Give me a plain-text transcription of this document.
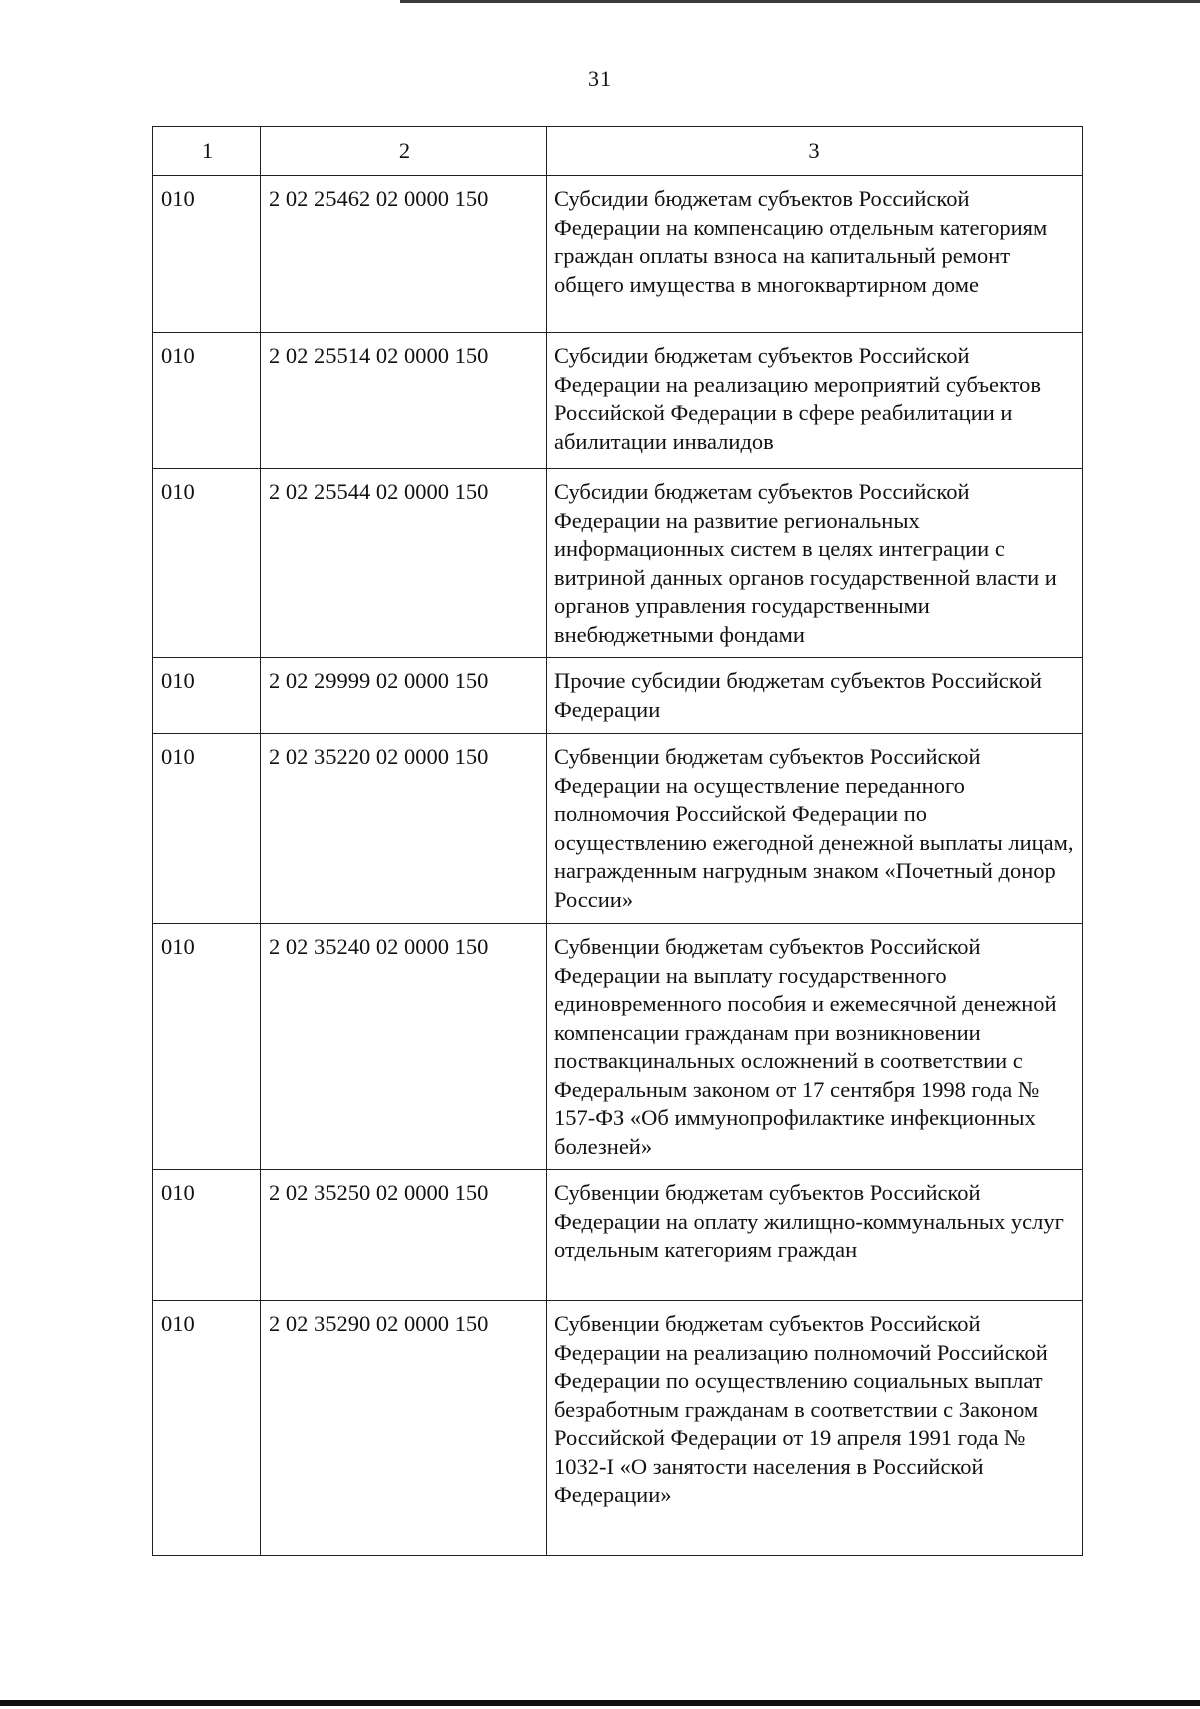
31
1	2	3
010	2 02 25462 02 0000 150	Субсидии бюджетам субъектов Российской Федерации на компенсацию отдельным категориям граждан оплаты взноса на капитальный ремонт общего имущества в многоквартирном доме
010	2 02 25514 02 0000 150	Субсидии бюджетам субъектов Российской Федерации на реализацию мероприятий субъектов Российской Федерации в сфере реабилитации и абилитации инвалидов
010	2 02 25544 02 0000 150	Субсидии бюджетам субъектов Российской Федерации на развитие региональных информационных систем в целях интеграции с витриной данных органов государственной власти и органов управления государственными внебюджетными фондами
010	2 02 29999 02 0000 150	Прочие субсидии бюджетам субъектов Российской Федерации
010	2 02 35220 02 0000 150	Субвенции бюджетам субъектов Российской Федерации на осуществление переданного полномочия Российской Федерации по осуществлению ежегодной денежной выплаты лицам, награжденным нагрудным знаком «Почетный донор России»
010	2 02 35240 02 0000 150	Субвенции бюджетам субъектов Российской Федерации на выплату государственного единовременного пособия и ежемесячной денежной компенсации гражданам при возникновении поствакцинальных осложнений в соответствии с Федеральным законом от 17 сентября 1998 года № 157-ФЗ «Об иммунопрофилактике инфекционных болезней»
010	2 02 35250 02 0000 150	Субвенции бюджетам субъектов Российской Федерации на оплату жилищно-коммунальных услуг отдельным категориям граждан
010	2 02 35290 02 0000 150	Субвенции бюджетам субъектов Российской Федерации на реализацию полномочий Российской Федерации по осуществлению социальных выплат безработным гражданам в соответствии с Законом Российской Федерации от 19 апреля 1991 года № 1032-I «О занятости населения в Российской Федерации»
